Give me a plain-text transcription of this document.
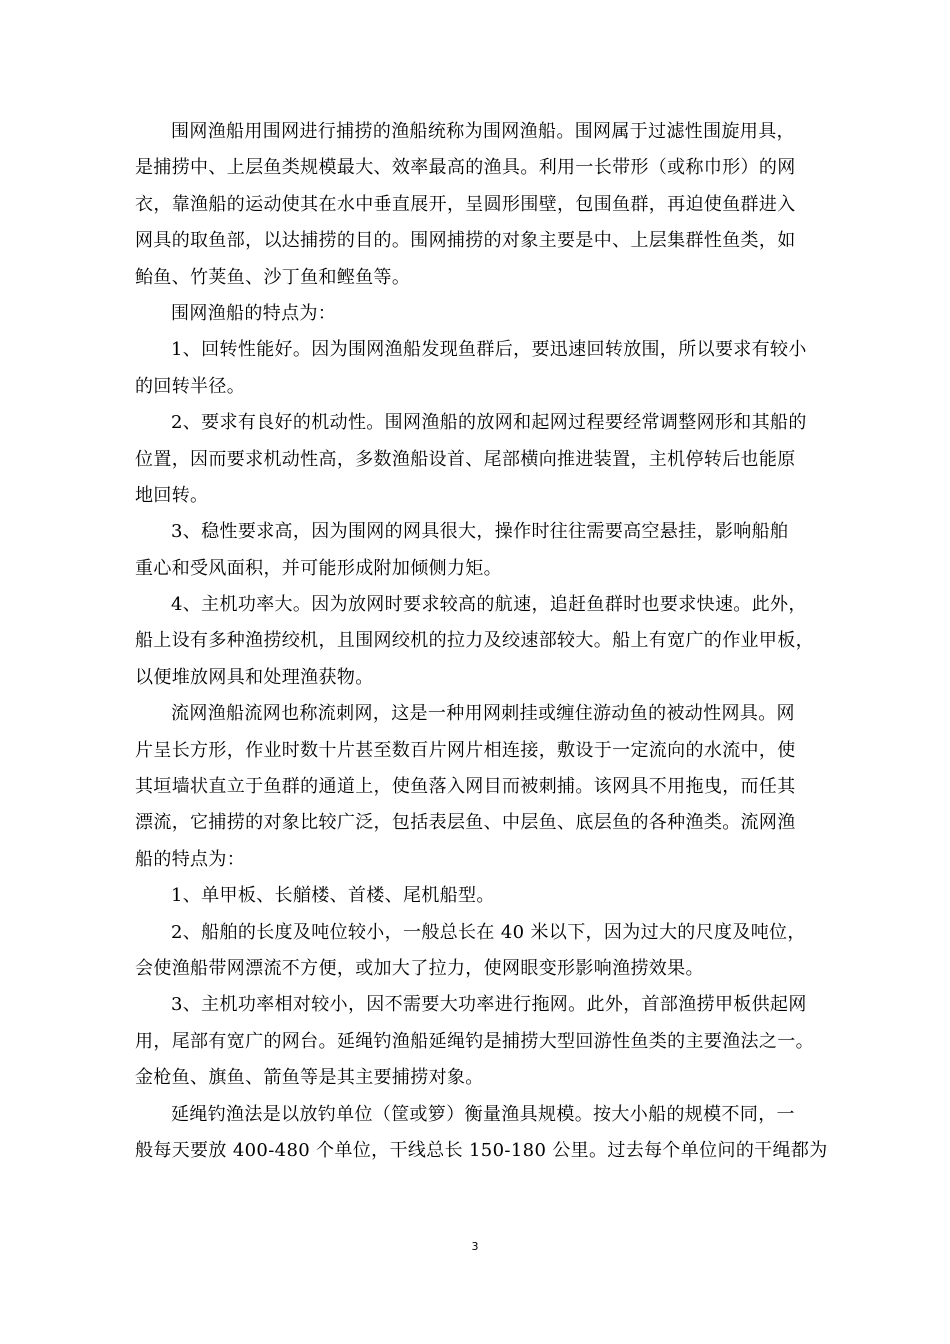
围网渔船用围网进行捕捞的渔船统称为围网渔船。围网属于过滤性围旋用具，
是捕捞中、上层鱼类规模最大、效率最高的渔具。利用一长带形（或称巾形）的网
衣，靠渔船的运动使其在水中垂直展开，呈圆形围壁，包围鱼群，再迫使鱼群进入
网具的取鱼部，以达捕捞的目的。围网捕捞的对象主要是中、上层集群性鱼类，如
鲐鱼、竹荚鱼、沙丁鱼和鲣鱼等。
围网渔船的特点为：
1、回转性能好。因为围网渔船发现鱼群后，要迅速回转放围，所以要求有较小
的回转半径。
2、要求有良好的机动性。围网渔船的放网和起网过程要经常调整网形和其船的
位置，因而要求机动性高，多数渔船设首、尾部横向推进装置，主机停转后也能原
地回转。
3、稳性要求高，因为围网的网具很大，操作时往往需要高空悬挂，影响船舶
重心和受风面积，并可能形成附加倾侧力矩。
4、主机功率大。因为放网时要求较高的航速，追赶鱼群时也要求快速。此外，
船上设有多种渔捞绞机，且围网绞机的拉力及绞速部较大。船上有宽广的作业甲板，
以便堆放网具和处理渔获物。
流网渔船流网也称流刺网，这是一种用网刺挂或缠住游动鱼的被动性网具。网
片呈长方形，作业时数十片甚至数百片网片相连接，敷设于一定流向的水流中，使
其垣墙状直立于鱼群的通道上，使鱼落入网目而被刺捕。该网具不用拖曳，而任其
漂流，它捕捞的对象比较广泛，包括表层鱼、中层鱼、底层鱼的各种渔类。流网渔
船的特点为：
1、单甲板、长艏楼、首楼、尾机船型。
2、船舶的长度及吨位较小，一般总长在 40 米以下，因为过大的尺度及吨位，
会使渔船带网漂流不方便，或加大了拉力，使网眼变形影响渔捞效果。
3、主机功率相对较小，因不需要大功率进行拖网。此外，首部渔捞甲板供起网
用，尾部有宽广的网台。延绳钓渔船延绳钓是捕捞大型回游性鱼类的主要渔法之一。
金枪鱼、旗鱼、箭鱼等是其主要捕捞对象。
延绳钓渔法是以放钓单位（筐或箩）衡量渔具规模。按大小船的规模不同，一
般每天要放 400-480 个单位，干线总长 150-180 公里。过去每个单位问的干绳都为
3
